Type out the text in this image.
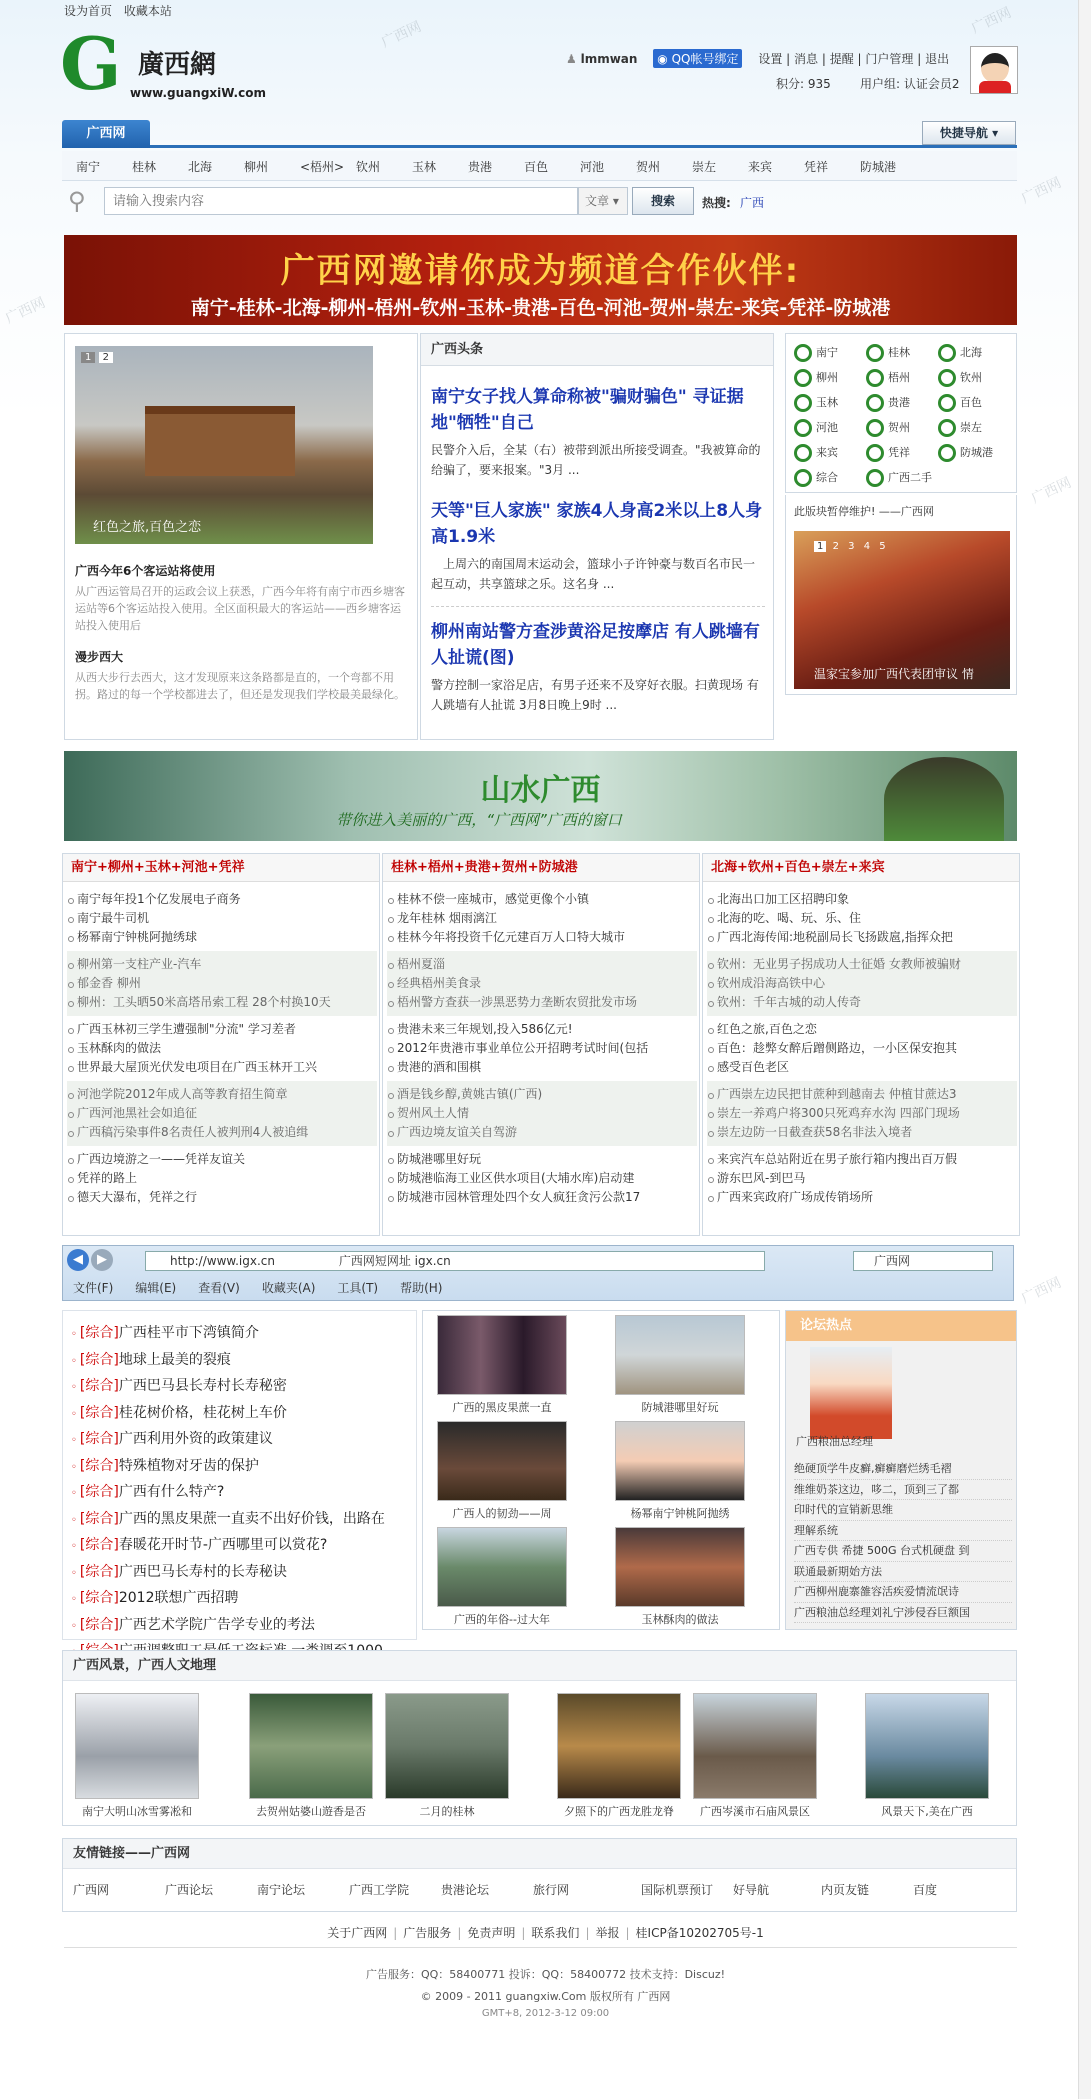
设为首页 收藏本站
G 廣西網
www.guangxiW.com
♟ lmmwan ◉ QQ帐号绑定 设置 | 消息 | 提醒 | 门户管理 | 退出
积分: 935 用户组: 认证会员2
广西网	快捷导航 ▾
南宁	桂林	北海	柳州	<梧州> 钦州	玉林	贵港	百色	河池	贺州	崇左	来宾	凭祥	防城港
⚲
请输入搜索内容	文章 ▾	搜索	热搜: 广西
广西网邀请你成为频道合作伙伴:
南宁-桂林-北海-柳州-梧州-钦州-玉林-贵港-百色-河池-贺州-崇左-来宾-凭祥-防城港
1 2
红色之旅,百色之恋
广西今年6个客运站将使用
从广西运管局召开的运政会议上获悉，广西今年将有南宁市西乡塘客运站等6个客运站投入使用。全区面积最大的客运站——西乡塘客运站投入使用后
漫步西大
从西大步行去西大，这才发现原来这条路都是直的，一个弯都不用拐。路过的每一个学校都进去了，但还是发现我们学校最美最绿化。
广西头条
南宁女子找人算命称被"骗财骗色" 寻证据地"牺牲"自己
民警介入后，全某（右）被带到派出所接受调查。"我被算命的给骗了，要来报案。"3月 ...
天等"巨人家族" 家族4人身高2米以上8人身高1.9米
　上周六的南国周末运动会，篮球小子许钟豪与数百名市民一起互动，共享篮球之乐。这名身 ...
柳州南站警方查涉黄浴足按摩店 有人跳墙有人扯谎(图)
警方控制一家浴足店，有男子还来不及穿好衣服。扫黄现场 有人跳墙有人扯谎 3月8日晚上9时 ...
南宁	桂林	北海
柳州	梧州	钦州
玉林	贵港	百色
河池	贺州	崇左
来宾	凭祥	防城港
综合	广西二手
此版块暂停维护! ——广西网
1 2 3 4 5
温家宝参加广西代表团审议 情
山水广西
带你进入美丽的广西，“广西网”广西的窗口
南宁+柳州+玉林+河池+凭祥
南宁每年投1个亿发展电子商务
南宁最牛司机
杨幂南宁钟桃阿抛绣球
柳州第一支柱产业-汽车
郁金香 柳州
柳州：工头晒50米高塔吊索工程 28个村换10天
广西玉林初三学生遭强制"分流" 学习差者
玉林酥肉的做法
世界最大屋顶光伏发电项目在广西玉林开工兴
河池学院2012年成人高等教育招生简章
广西河池黑社会如追征
广西稿污染事件8名责任人被判刑4人被追缉
广西边境游之一——凭祥友谊关
凭祥的路上
德天大瀑布，凭祥之行
桂林+梧州+贵港+贺州+防城港
桂林不偿一座城市，感觉更像个小镇
龙年桂林 烟雨漓江
桂林今年将投资千亿元建百万人口特大城市
梧州夏淄
经典梧州美食录
梧州警方查获一涉黑恶势力垄断农贸批发市场
贵港未来三年规划,投入586亿元!
2012年贵港市事业单位公开招聘考试时间(包括
贵港的酒和围棋
酒是钱乡醇,黄姚古镇(广西)
贺州风土人情
广西边境友谊关自驾游
防城港哪里好玩
防城港临海工业区供水项目(大埔水库)启动建
防城港市园林管理处四个女人疯狂贪污公款17
北海+钦州+百色+崇左+来宾
北海出口加工区招聘印象
北海的吃、喝、玩、乐、住
广西北海传闻:地税副局长飞扬跋扈,指挥众把
钦州：无业男子拐成功人士征婚 女教师被骗财
钦州成沿海高铁中心
钦州：千年古城的动人传奇
红色之旅,百色之恋
百色：趁弊女醉后蹭侧路边，一小区保安抱其
感受百色老区
广西崇左边民把甘蔗种到越南去 仲植甘蔗达3
崇左一养鸡户将300只死鸡弃水沟 四部门现场
崇左边防一日截查获58名非法入境者
来宾汽车总站附近在男子旅行箱内搜出百万假
游东巴风-到巴马
广西来宾政府广场成传销场所
◀	▶	http://www.igx.cn	广西网短网址 igx.cn	广西网
文件(F) 编辑(E) 查看(V) 收藏夹(A) 工具(T) 帮助(H)
◦ [综合]广西桂平市下湾镇简介
◦ [综合]地球上最美的裂痕
◦ [综合]广西巴马县长寿村长寿秘密
◦ [综合]桂花树价格，桂花树上车价
◦ [综合]广西利用外资的政策建议
◦ [综合]特殊植物对牙齿的保护
◦ [综合]广西有什么特产?
◦ [综合]广西的黑皮果蔗一直卖不出好价钱，出路在
◦ [综合]春暖花开时节-广西哪里可以赏花?
◦ [综合]广西巴马长寿村的长寿秘诀
◦ [综合]2012联想广西招聘
◦ [综合]广西艺术学院广告学专业的考法
广西的黑皮果蔗一直	防城港哪里好玩
广西人的韧劲——周	杨幂南宁钟桃阿抛绣
广西的年俗--过大年	玉林酥肉的做法
论坛热点
广西粮油总经理
绝硬顶学牛皮癣,癣癣磨烂绣毛褶
维维奶茶这边，哆二，顶到三了都
印时代的宣销新思维
理解系统
广西专供 希捷 500G 台式机硬盘 到
联通最新期始方法
广西柳州鹿寨雒容活疾爱情流氓诗
广西粮油总经理刘礼宁涉侵吞巨额国
广西风景，广西人文地理
南宁大明山冰雪雾凇和	去贺州姑婆山遊香是否	二月的桂林	夕照下的广西龙胜龙脊	广西岑溪市石庙风景区	风景天下,美在广西
友情链接——广西网
广西网	广西论坛	南宁论坛	广西工学院	贵港论坛	旅行网	国际机票预订 好导航	内页友链	百度
关于广西网 | 广告服务 | 免责声明 | 联系我们 | 举报 | 桂ICP备10202705号-1
广告服务：QQ：58400771 投诉：QQ：58400772 技术支持：Discuz!
© 2009 - 2011 guangxiw.Com 版权所有 广西网
GMT+8, 2012-3-12 09:00
广西网	广西网
广西网
广西网
广西网
广西网
